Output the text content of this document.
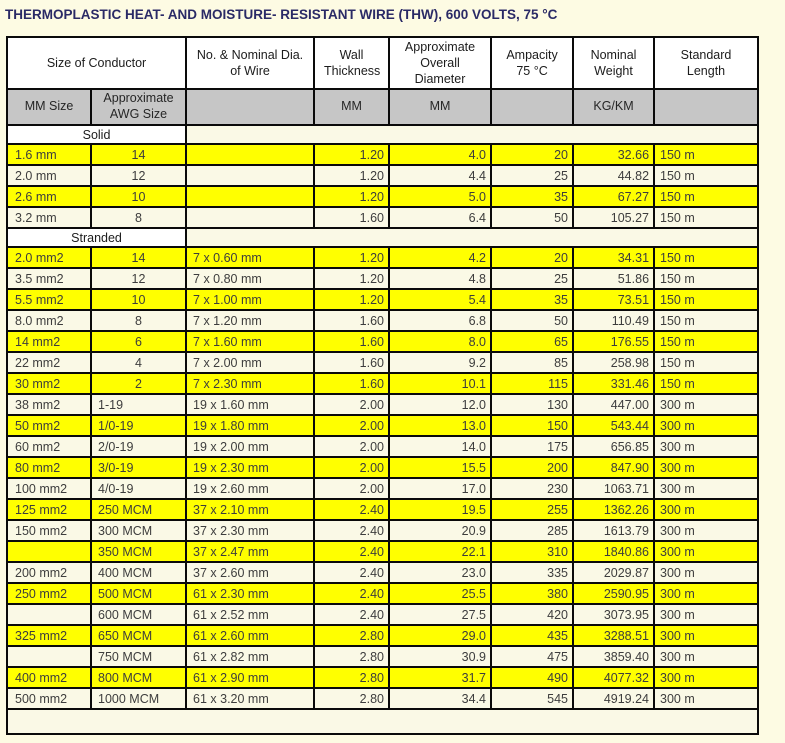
THERMOPLASTIC HEAT- AND MOISTURE- RESISTANT WIRE (THW), 600 VOLTS, 75 °C
Size of Conductor		No. & Nominal Dia. of Wire	Wall Thickness	Approximate Overall Diameter	Ampacity 75 °C	Nominal Weight	Standard Length
MM Size	Approximate AWG Size		MM	MM		KG/KM	
Solid							
1.6 mm	14		1.20	4.0	20	32.66	150 m
2.0 mm	12		1.20	4.4	25	44.82	150 m
2.6 mm	10		1.20	5.0	35	67.27	150 m
3.2 mm	8		1.60	6.4	50	105.27	150 m
Stranded							
2.0 mm2	14	7 x 0.60 mm	1.20	4.2	20	34.31	150 m
3.5 mm2	12	7 x 0.80 mm	1.20	4.8	25	51.86	150 m
5.5 mm2	10	7 x 1.00 mm	1.20	5.4	35	73.51	150 m
8.0 mm2	8	7 x 1.20 mm	1.60	6.8	50	110.49	150 m
14 mm2	6	7 x 1.60 mm	1.60	8.0	65	176.55	150 m
22 mm2	4	7 x 2.00 mm	1.60	9.2	85	258.98	150 m
30 mm2	2	7 x 2.30 mm	1.60	10.1	115	331.46	150 m
38 mm2	1-19	19 x 1.60 mm	2.00	12.0	130	447.00	300 m
50 mm2	1/0-19	19 x 1.80 mm	2.00	13.0	150	543.44	300 m
60 mm2	2/0-19	19 x 2.00 mm	2.00	14.0	175	656.85	300 m
80 mm2	3/0-19	19 x 2.30 mm	2.00	15.5	200	847.90	300 m
100 mm2	4/0-19	19 x 2.60 mm	2.00	17.0	230	1063.71	300 m
125 mm2	250 MCM	37 x 2.10 mm	2.40	19.5	255	1362.26	300 m
150 mm2	300 MCM	37 x 2.30 mm	2.40	20.9	285	1613.79	300 m
	350 MCM	37 x 2.47 mm	2.40	22.1	310	1840.86	300 m
200 mm2	400 MCM	37 x 2.60 mm	2.40	23.0	335	2029.87	300 m
250 mm2	500 MCM	61 x 2.30 mm	2.40	25.5	380	2590.95	300 m
	600 MCM	61 x 2.52 mm	2.40	27.5	420	3073.95	300 m
325 mm2	650 MCM	61 x 2.60 mm	2.80	29.0	435	3288.51	300 m
	750 MCM	61 x 2.82 mm	2.80	30.9	475	3859.40	300 m
400 mm2	800 MCM	61 x 2.90 mm	2.80	31.7	490	4077.32	300 m
500 mm2	1000 MCM	61 x 3.20 mm	2.80	34.4	545	4919.24	300 m
